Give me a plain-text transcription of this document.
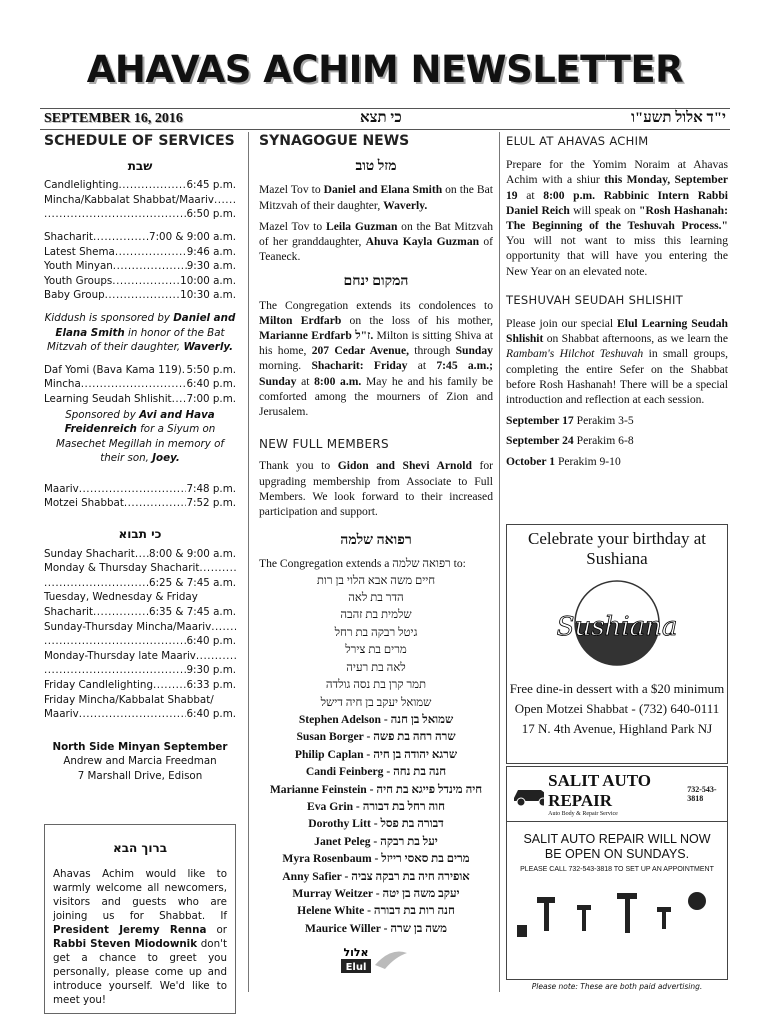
AHAVAS ACHIM NEWSLETTER
SEPTEMBER 16, 2016	כי תצא	י"ד אלול תשע"ו
SCHEDULE OF SERVICES
שבת
Candlelighting .....	6:45 p.m.
Mincha/Kabbalat Shabbat/Maariv
.....
.....
6:50 p.m.
Shacharit .....	7:00 & 9:00 a.m.
Latest Shema .....	9:46 a.m.
Youth Minyan .....	9:30 a.m.
Youth Groups .....	10:00 a.m.
Baby Group .....	10:30 a.m.
Kiddush is sponsored by Daniel and Elana Smith in honor of the Bat Mitzvah of their daughter, Waverly.
Daf Yomi (Bava Kama 119) ..... 5:50 p.m.
Mincha .....	6:40 p.m.
Learning Seudah Shlishit ..... 7:00 p.m.
Sponsored by Avi and Hava Freidenreich for a Siyum on Masechet Megillah in memory of their son, Joey.
Maariv .....	7:48 p.m.
Motzei Shabbat .....	7:52 p.m.
כי תבוא
Sunday Shacharit ..... 8:00 & 9:00 a.m.
Monday & Thursday Shacharit
.....
.....
6:25 & 7:45 a.m.
Tuesday, Wednesday & Friday
Shacharit .....	6:35 & 7:45 a.m.
Sunday-Thursday Mincha/Maariv
.....
.....
6:40 p.m.
Monday-Thursday late Maariv
.....
.....
9:30 p.m.
Friday Candlelighting .....	6:33 p.m.
Friday Mincha/Kabbalat Shabbat/
Maariv .....	6:40 p.m.
North Side Minyan September
Andrew and Marcia Freedman
7 Marshall Drive, Edison
ברוך הבא

Ahavas Achim would like to warmly welcome all newcomers, visitors and guests who are joining us for Shabbat. If President Jeremy Renna or Rabbi Steven Miodownik don't get a chance to greet you personally, please come up and introduce yourself. We'd like to meet you!

SYNAGOGUE NEWS
מזל טוב

Mazel Tov to Daniel and Elana Smith on the Bat Mitzvah of their daughter, Waverly.

Mazel Tov to Leila Guzman on the Bat Mitzvah of her granddaughter, Ahuva Kayla Guzman of Teaneck.

המקום ינחם

The Congregation extends its condolences to Milton Erdfarb on the loss of his mother, Marianne Erdfarb ז"ל. Milton is sitting Shiva at his home, 207 Cedar Avenue, through Sunday morning. Shacharit: Friday at 7:45 a.m.; Sunday at 8:00 a.m. May he and his family be comforted among the mourners of Zion and Jerusalem.

NEW FULL MEMBERS

Thank you to Gidon and Shevi Arnold for upgrading membership from Associate to Full Members. We look forward to their increased participation and support.

רפואה שלמה
The Congregation extends a רפואה שלמה to:
חיים משה אבא הלוי בן רות
הדר בת לאה
שלמית בת זהבה
גיטל רבקה בת רחל
מרים בת צירל
לאה בת רעיה
תמר קרן בת נסה גולדה
שמואל יעקב בן חיה דישל
Stephen Adelson - שמואל בן חנה
Susan Borger - שרה רחה בת פשה
Philip Caplan - שרגא יהודה בן חיה
Candi Feinberg - חנה בת נחה
Marianne Feinstein - חיה מינדל פייגא בת חיה
Eva Grin - חוה רחל בת דבורה
Dorothy Litt - דבורה בת פסל
Janet Peleg - יעל בת רבקה
Myra Rosenbaum - מרים בת סאסי רייזל
Anny Safier - אופירה חיה בת רבקה צביה
Murray Weitzer - יעקב משה בן יטה
Helene White - חנה רות בת דבורה
Maurice Willer - משה בן שרה
אלול
Elul
ELUL AT AHAVAS ACHIM

Prepare for the Yomim Noraim at Ahavas Achim with a shiur this Monday, September 19 at 8:00 p.m. Rabbinic Intern Rabbi Daniel Reich will speak on "Rosh Hashanah: The Beginning of the Teshuvah Process." You will not want to miss this learning opportunity that will have you entering the New Year on an elevated note.

TESHUVAH SEUDAH SHLISHIT

Please join our special Elul Learning Seudah Shlishit on Shabbat afternoons, as we learn the Rambam's Hilchot Teshuvah in small groups, completing the entire Sefer on the Shabbat before Rosh Hashanah! There will be a special introduction and reflection at each session.

September 17 Perakim 3-5
September 24 Perakim 6-8
October 1 Perakim 9-10
Celebrate your birthday at Sushiana
Sushiana
Free dine-in dessert with a $20 minimum
Open Motzei Shabbat - (732) 640-0111
17 N. 4th Avenue, Highland Park NJ
SALIT AUTO REPAIR
Auto Body & Repair Service
732-543-3818
SALIT AUTO REPAIR WILL NOW
BE OPEN ON SUNDAYS.
PLEASE CALL 732-543-3818 TO SET UP AN APPOINTMENT
Please note: These are both paid advertising.
